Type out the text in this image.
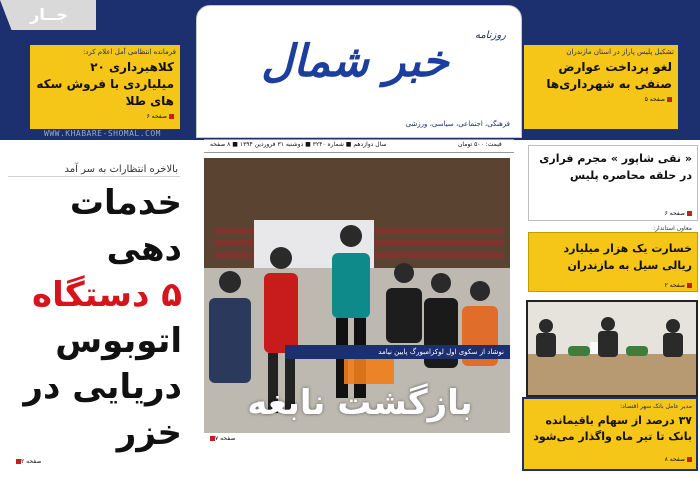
جــار
فرمانده انتظامی آمل اعلام کرد:
کلاهبرداری ۲۰ میلیاردی با فروش سکه های طلا
صفحه ۶
WWW.KHABARE-SHOMAL.COM
تشکیل پلیس پاراز در استان مازندران
لغو پرداخت عوارض صنفی به شهرداری‌ها
صفحه ۵
روزنامه
خبر شمال
فرهنگی، اجتماعی، سیاسی، ورزشی
قیمت: ۵۰۰ تومان
سال دوازدهم ■ شماره ۳۲۴۰ ■ دوشنبه ۳۱ فروردین ۱۳۹۴ ■ ۸ صفحه
بالاخره انتظارات به سر آمد
خدمات دهی
۵ دستگاه
اتوبوس
دریایی در
خزر
صفحه ۲
نوشاد از سکوی اول لوکزامبورگ پایین نیامد
بازگشت نابغه
صفحه ۷
« نقی شاپور » مجرم فراری در حلقه محاصره پلیس
صفحه ۶
معاون استاندار:
خسارت یک هزار میلیارد ریالی سیل به مازندران
صفحه ۲
مدیر عامل بانک سهر اقتصاد:
۳۷ درصد از سهام باقیمانده بانک تا تیر ماه واگذار می‌شود
صفحه ۸
